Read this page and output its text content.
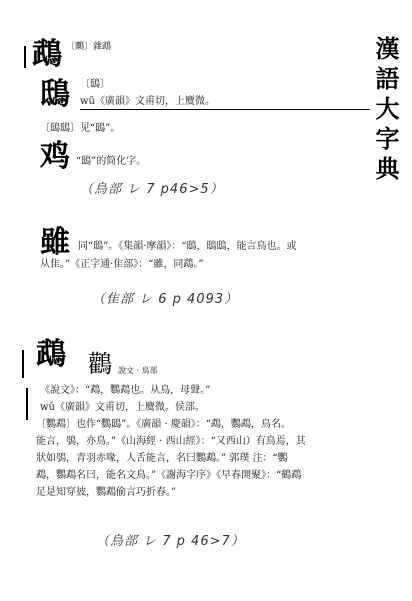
漢語大字典
鵡 〔䳭〕雜鵡
鴟 〔鴟〕
wū《廣韻》文甫切，上麌微。
〔鴟鴟〕见“鴟”。
鸡 “鴟”的简化字。
（鳥部 レ 7 p46>5）
雖 同“鴟”。《集韻·摩韻》：“鴟，鴟鴟，能言鳥也。或
从隹。”《正字通·隹部》：“雖，同鵡。”
（隹部 レ 6 p 4093）
鵡 鸛 說文 · 鳥部
《說文》：“鵡，鸚鵡也。从鳥，母聲。”
wǔ《廣韻》文甫切，上麌微。侯部。
〔鸚鵡〕也作“鸚鴟”。《廣韻 · 慶韻》：“鵡，鸚鵡，鳥名。
能言，鴞，亦鳥。”《山海經 · 西山經》：“又西山）有鳥焉，其
狀如鴞，青羽赤喙，人舌能言，名曰鸚鵡。” 郭璞 注：“鸚
鵡，鸚鵡名曰，能名文鳥。”《謝海字序》《早春開聚》：“鶴鵡
足是知穿彼，鸚鵡偷言巧折春。”
（鳥部 レ 7 p 46>7）
